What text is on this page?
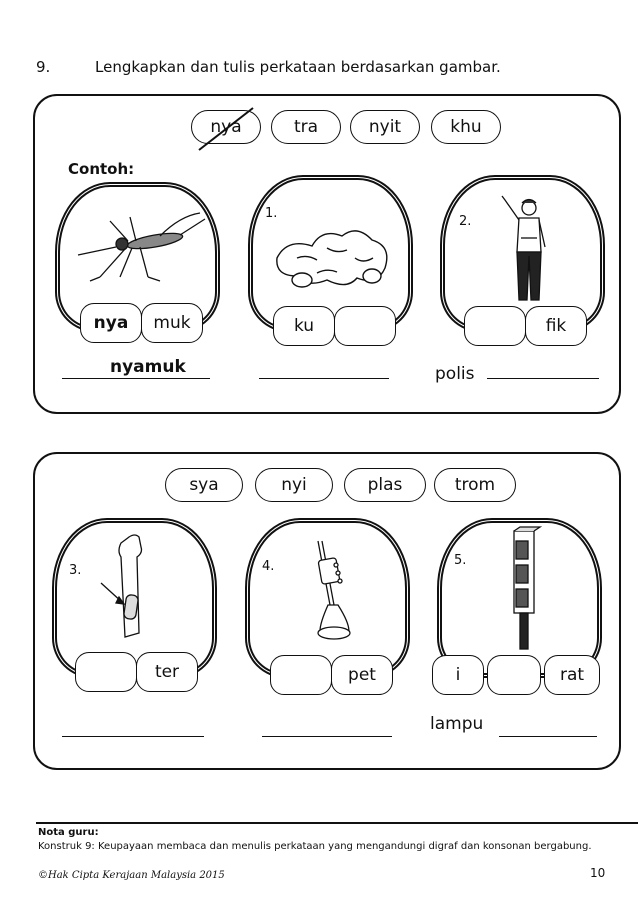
9.	Lengkapkan dan tulis perkataan berdasarkan gambar.
nya	tra	nyit	khu
Contoh:
nya muk
1.
ku
2.
fik
nyamuk	polis
sya	nyi	plas	trom
3.
ter
4.
pet
5.
i	rat
lampu
Nota guru:
Konstruk 9: Keupayaan membaca dan menulis perkataan yang mengandungi digraf dan konsonan bergabung.
©Hak Cipta Kerajaan Malaysia 2015	10
